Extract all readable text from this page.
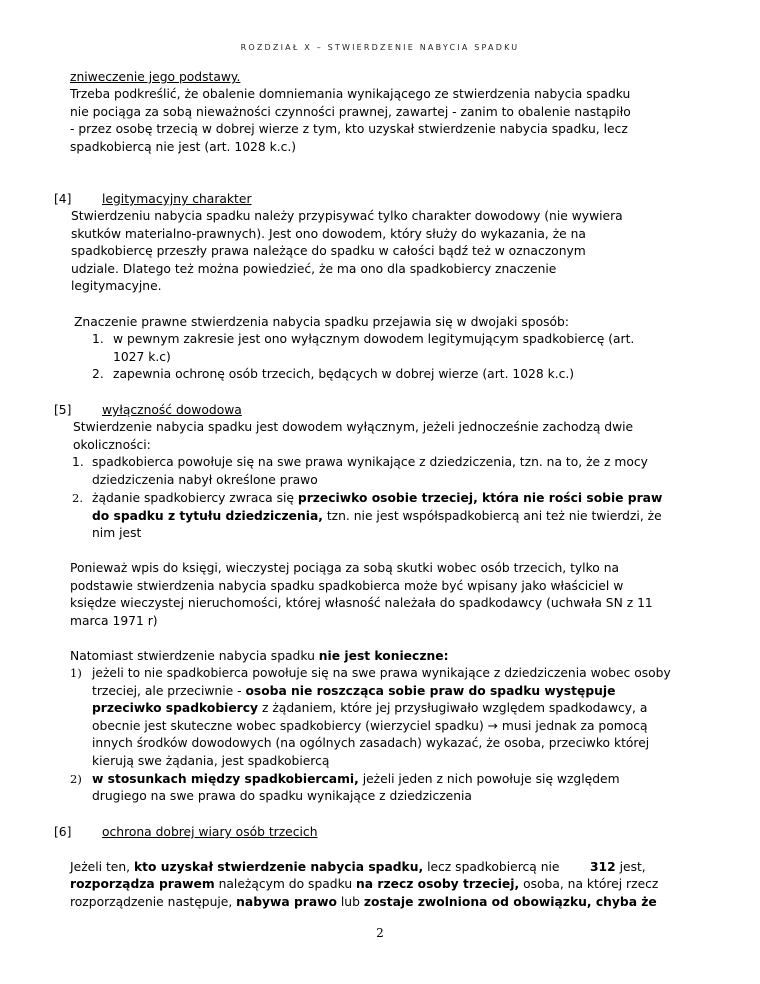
ROZDZIAŁ X – STWIERDZENIE NABYCIA SPADKU
zniweczenie jego podstawy.
Trzeba podkreślić, że obalenie domniemania wynikającego ze stwierdzenia nabycia spadku
nie pociąga za sobą nieważności czynności prawnej, zawartej - zanim to obalenie nastąpiło
- przez osobę trzecią w dobrej wierze z tym, kto uzyskał stwierdzenie nabycia spadku, lecz
spadkobiercą nie jest (art. 1028 k.c.)
[4] legitymacyjny charakter
Stwierdzeniu nabycia spadku należy przypisywać tylko charakter dowodowy (nie wywiera
skutków materialno-prawnych). Jest ono dowodem, który służy do wykazania, że na
spadkobiercę przeszły prawa należące do spadku w całości bądź też w oznaczonym
udziale. Dlatego też można powiedzieć, że ma ono dla spadkobiercy znaczenie
legitymacyjne.
Znaczenie prawne stwierdzenia nabycia spadku przejawia się w dwojaki sposób:
1. w pewnym zakresie jest ono wyłącznym dowodem legitymującym spadkobiercę (art.
1027 k.c)
2. zapewnia ochronę osób trzecich, będących w dobrej wierze (art. 1028 k.c.)
[5] wyłączność dowodowa
Stwierdzenie nabycia spadku jest dowodem wyłącznym, jeżeli jednocześnie zachodzą dwie
okoliczności:
1. spadkobierca powołuje się na swe prawa wynikające z dziedziczenia, tzn. na to, że z mocy
dziedziczenia nabył określone prawo
2. żądanie spadkobiercy zwraca się przeciwko osobie trzeciej, która nie rości sobie praw
do spadku z tytułu dziedziczenia, tzn. nie jest współspadkobiercą ani też nie twierdzi, że
nim jest
Ponieważ wpis do księgi, wieczystej pociąga za sobą skutki wobec osób trzecich, tylko na
podstawie stwierdzenia nabycia spadku spadkobierca może być wpisany jako właściciel w
księdze wieczystej nieruchomości, której własność należała do spadkodawcy (uchwała SN z 11
marca 1971 r)
Natomiast stwierdzenie nabycia spadku nie jest konieczne:
1) jeżeli to nie spadkobierca powołuje się na swe prawa wynikające z dziedziczenia wobec osoby
trzeciej, ale przeciwnie - osoba nie roszcząca sobie praw do spadku występuje
przeciwko spadkobiercy z żądaniem, które jej przysługiwało względem spadkodawcy, a
obecnie jest skuteczne wobec spadkobiercy (wierzyciel spadku) → musi jednak za pomocą
innych środków dowodowych (na ogólnych zasadach) wykazać, że osoba, przeciwko której
kierują swe żądania, jest spadkobiercą
2) w stosunkach między spadkobiercami, jeżeli jeden z nich powołuje się względem
drugiego na swe prawa do spadku wynikające z dziedziczenia
[6] ochrona dobrej wiary osób trzecich
Jeżeli ten, kto uzyskał stwierdzenie nabycia spadku, lecz spadkobiercą nie 312 jest,
rozporządza prawem należącym do spadku na rzecz osoby trzeciej, osoba, na której rzecz
rozporządzenie następuje, nabywa prawo lub zostaje zwolniona od obowiązku, chyba że
2
